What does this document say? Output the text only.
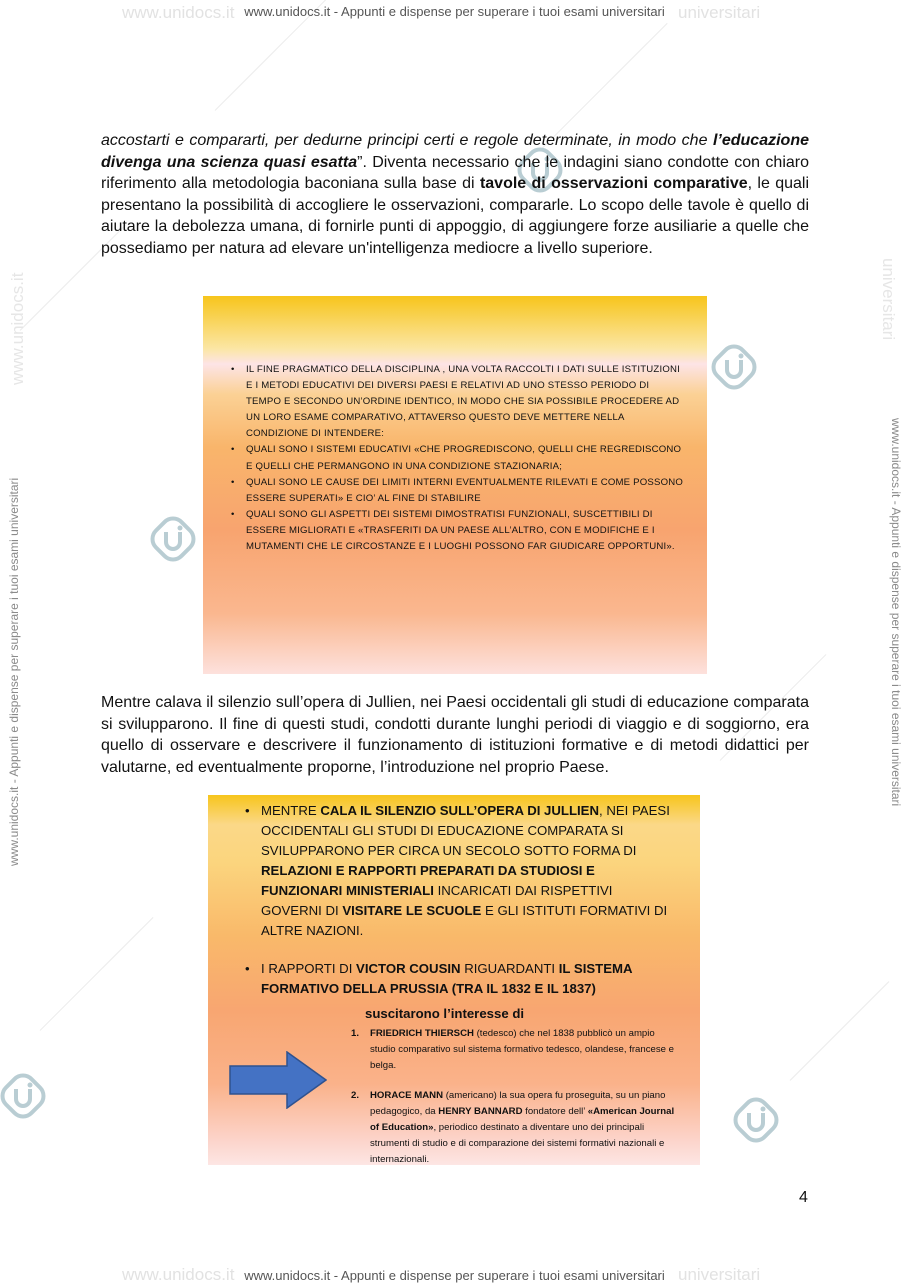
www.unidocs.it	universitari
www.unidocs.it - Appunti e dispense per superare i tuoi esami universitari
www.unidocs.it	universitari
www.unidocs.it - Appunti e dispense per superare i tuoi esami universitari
www.unidocs.it
www.unidocs.it - Appunti e dispense per superare i tuoi esami universitari
universitari
www.unidocs.it - Appunti e dispense per superare i tuoi esami universitari

accostarti e compararti, per dedurne principi certi e regole determinate, in modo che l’educazione divenga una scienza quasi esatta”. Diventa necessario che le indagini siano condotte con chiaro riferimento alla metodologia baconiana sulla base di tavole di osservazioni comparative, le quali presentano la possibilità di accogliere le osservazioni, compararle. Lo scopo delle tavole è quello di aiutare la debolezza umana, di fornirle punti di appoggio, di aggiungere forze ausiliarie a quelle che possediamo per natura ad elevare un'intelligenza mediocre a livello superiore.

• IL FINE PRAGMATICO DELLA DISCIPLINA , UNA VOLTA RACCOLTI I DATI SULLE ISTITUZIONI E I METODI EDUCATIVI DEI DIVERSI PAESI E RELATIVI AD UNO STESSO PERIODO DI TEMPO E SECONDO UN’ORDINE IDENTICO, IN MODO CHE SIA POSSIBILE PROCEDERE AD UN LORO ESAME COMPARATIVO, ATTAVERSO QUESTO DEVE METTERE NELLA CONDIZIONE DI INTENDERE:
• QUALI SONO I SISTEMI EDUCATIVI «CHE PROGREDISCONO, QUELLI CHE REGREDISCONO E QUELLI CHE PERMANGONO IN UNA CONDIZIONE STAZIONARIA;
• QUALI SONO LE CAUSE DEI LIMITI INTERNI EVENTUALMENTE RILEVATI E COME POSSONO ESSERE SUPERATI» E CIO’ AL FINE DI STABILIRE
• QUALI SONO GLI ASPETTI DEI SISTEMI DIMOSTRATISI FUNZIONALI, SUSCETTIBILI DI ESSERE MIGLIORATI E «TRASFERITI DA UN PAESE ALL’ALTRO, CON E MODIFICHE E I MUTAMENTI CHE LE CIRCOSTANZE E I LUOGHI POSSONO FAR GIUDICARE OPPORTUNI».

Mentre calava il silenzio sull’opera di Jullien, nei Paesi occidentali gli studi di educazione comparata si svilupparono. Il fine di questi studi, condotti durante lunghi periodi di viaggio e di soggiorno, era quello di osservare e descrivere il funzionamento di istituzioni formative e di metodi didattici per valutarne, ed eventualmente proporne, l’introduzione nel proprio Paese.

• MENTRE CALA IL SILENZIO SULL’OPERA DI JULLIEN, NEI PAESI OCCIDENTALI GLI STUDI DI EDUCAZIONE COMPARATA SI SVILUPPARONO PER CIRCA UN SECOLO SOTTO FORMA DI RELAZIONI E RAPPORTI PREPARATI DA STUDIOSI E FUNZIONARI MINISTERIALI INCARICATI DAI RISPETTIVI GOVERNI DI VISITARE LE SCUOLE E GLI ISTITUTI FORMATIVI DI ALTRE NAZIONI.
• I RAPPORTI DI VICTOR COUSIN RIGUARDANTI IL SISTEMA FORMATIVO DELLA PRUSSIA (TRA IL 1832 E IL 1837)
suscitarono l’interesse di
1. FRIEDRICH THIERSCH (tedesco) che nel 1838 pubblicò un ampio studio comparativo sul sistema formativo tedesco, olandese, francese e belga.
2. HORACE MANN (americano) la sua opera fu proseguita, su un piano pedagogico, da HENRY BANNARD fondatore dell’ «American Journal of Education», periodico destinato a diventare uno dei principali strumenti di studio e di comparazione dei sistemi formativi nazionali e internazionali.
4
